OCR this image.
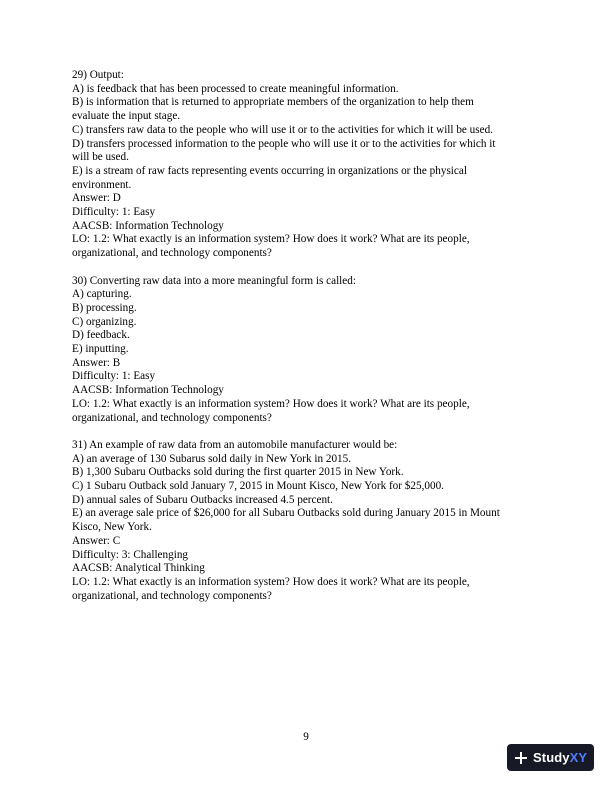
29) Output:
A) is feedback that has been processed to create meaningful information.
B) is information that is returned to appropriate members of the organization to help them
evaluate the input stage.
C) transfers raw data to the people who will use it or to the activities for which it will be used.
D) transfers processed information to the people who will use it or to the activities for which it
will be used.
E) is a stream of raw facts representing events occurring in organizations or the physical
environment.
Answer: D
Difficulty: 1: Easy
AACSB: Information Technology
LO: 1.2: What exactly is an information system? How does it work? What are its people,
organizational, and technology components?
30) Converting raw data into a more meaningful form is called:
A) capturing.
B) processing.
C) organizing.
D) feedback.
E) inputting.
Answer: B
Difficulty: 1: Easy
AACSB: Information Technology
LO: 1.2: What exactly is an information system? How does it work? What are its people,
organizational, and technology components?
31) An example of raw data from an automobile manufacturer would be:
A) an average of 130 Subarus sold daily in New York in 2015.
B) 1,300 Subaru Outbacks sold during the first quarter 2015 in New York.
C) 1 Subaru Outback sold January 7, 2015 in Mount Kisco, New York for $25,000.
D) annual sales of Subaru Outbacks increased 4.5 percent.
E) an average sale price of $26,000 for all Subaru Outbacks sold during January 2015 in Mount
Kisco, New York.
Answer: C
Difficulty: 3: Challenging
AACSB: Analytical Thinking
LO: 1.2: What exactly is an information system? How does it work? What are its people,
organizational, and technology components?
9
StudyXY
